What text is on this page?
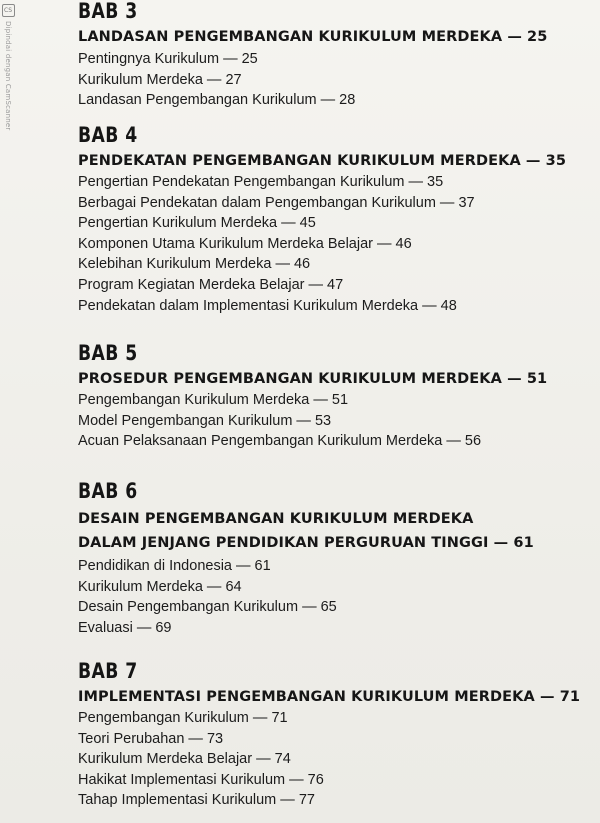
CS
Dipindai dengan CamScanner
BAB 3
LANDASAN PENGEMBANGAN KURIKULUM MERDEKA — 25
Pentingnya Kurikulum — 25
Kurikulum Merdeka — 27
Landasan Pengembangan Kurikulum — 28
BAB 4
PENDEKATAN PENGEMBANGAN KURIKULUM MERDEKA — 35
Pengertian Pendekatan Pengembangan Kurikulum — 35
Berbagai Pendekatan dalam Pengembangan Kurikulum — 37
Pengertian Kurikulum Merdeka — 45
Komponen Utama Kurikulum Merdeka Belajar — 46
Kelebihan Kurikulum Merdeka — 46
Program Kegiatan Merdeka Belajar — 47
Pendekatan dalam Implementasi Kurikulum Merdeka — 48
BAB 5
PROSEDUR PENGEMBANGAN KURIKULUM MERDEKA — 51
Pengembangan Kurikulum Merdeka — 51
Model Pengembangan Kurikulum — 53
Acuan Pelaksanaan Pengembangan Kurikulum Merdeka — 56
BAB 6
DESAIN PENGEMBANGAN KURIKULUM MERDEKA
DALAM JENJANG PENDIDIKAN PERGURUAN TINGGI — 61
Pendidikan di Indonesia — 61
Kurikulum Merdeka — 64
Desain Pengembangan Kurikulum — 65
Evaluasi — 69
BAB 7
IMPLEMENTASI PENGEMBANGAN KURIKULUM MERDEKA — 71
Pengembangan Kurikulum — 71
Teori Perubahan — 73
Kurikulum Merdeka Belajar — 74
Hakikat Implementasi Kurikulum — 76
Tahap Implementasi Kurikulum — 77
